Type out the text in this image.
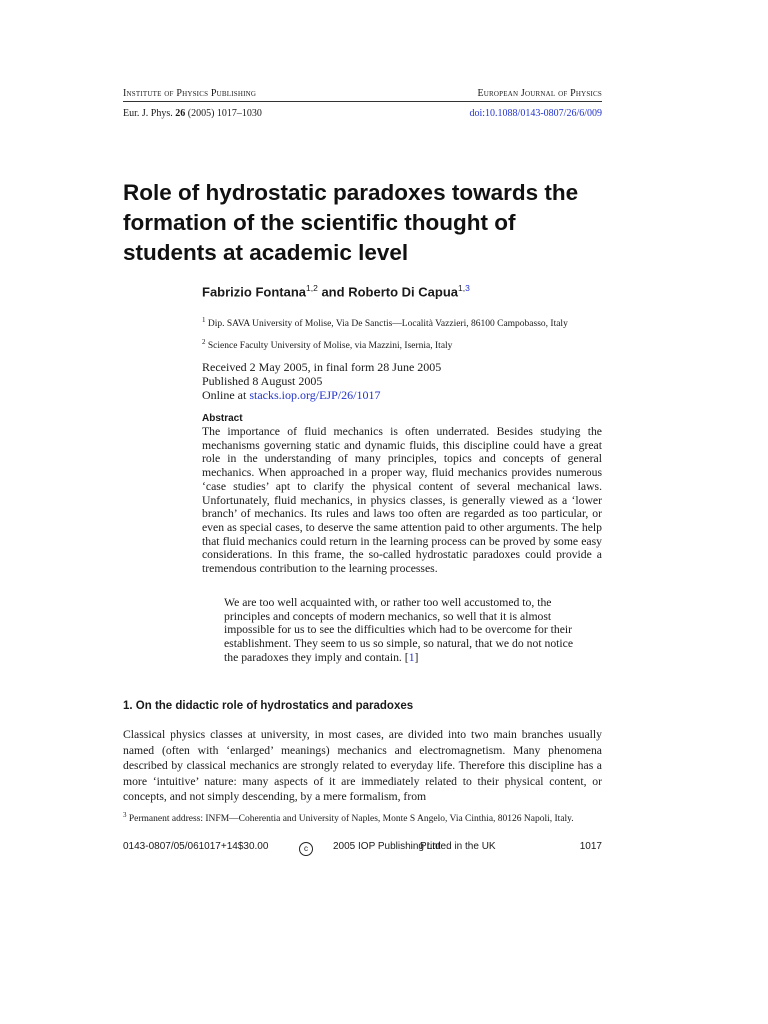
Institute of Physics Publishing	European Journal of Physics
Eur. J. Phys. 26 (2005) 1017–1030	doi:10.1088/0143-0807/26/6/009
Role of hydrostatic paradoxes towards the formation of the scientific thought of students at academic level
Fabrizio Fontana$^{1,2}$ and Roberto Di Capua$^{1,3}$
$^1$ Dip. SAVA University of Molise, Via De Sanctis—Località Vazzieri, 86100 Campobasso, Italy
$^2$ Science Faculty University of Molise, via Mazzini, Isernia, Italy
Received 2 May 2005, in final form 28 June 2005
Published 8 August 2005
Online at stacks.iop.org/EJP/26/1017
Abstract
The importance of fluid mechanics is often underrated. Besides studying the mechanisms governing static and dynamic fluids, this discipline could have a great role in the understanding of many principles, topics and concepts of general mechanics. When approached in a proper way, fluid mechanics provides numerous ‘case studies’ apt to clarify the physical content of several mechanical laws. Unfortunately, fluid mechanics, in physics classes, is generally viewed as a ‘lower branch’ of mechanics. Its rules and laws too often are regarded as too particular, or even as special cases, to deserve the same attention paid to other arguments. The help that fluid mechanics could return in the learning process can be proved by some easy considerations. In this frame, the so-called hydrostatic paradoxes could provide a tremendous contribution to the learning processes.
We are too well acquainted with, or rather too well accustomed to, the principles and concepts of modern mechanics, so well that it is almost impossible for us to see the difficulties which had to be overcome for their establishment. They seem to us so simple, so natural, that we do not notice the paradoxes they imply and contain. [1]
1. On the didactic role of hydrostatics and paradoxes
Classical physics classes at university, in most cases, are divided into two main branches usually named (often with ‘enlarged’ meanings) mechanics and electromagnetism. Many phenomena described by classical mechanics are strongly related to everyday life. Therefore this discipline has a more ‘intuitive’ nature: many aspects of it are immediately related to their physical content, or concepts, and not simply descending, by a mere formalism, from
$^3$ Permanent address: INFM—Coherentia and University of Naples, Monte S Angelo, Via Cinthia, 80126 Napoli, Italy.
0143-0807/05/061017+14$30.00	c	2005 IOP Publishing Ltd
Printed in the UK	1017
